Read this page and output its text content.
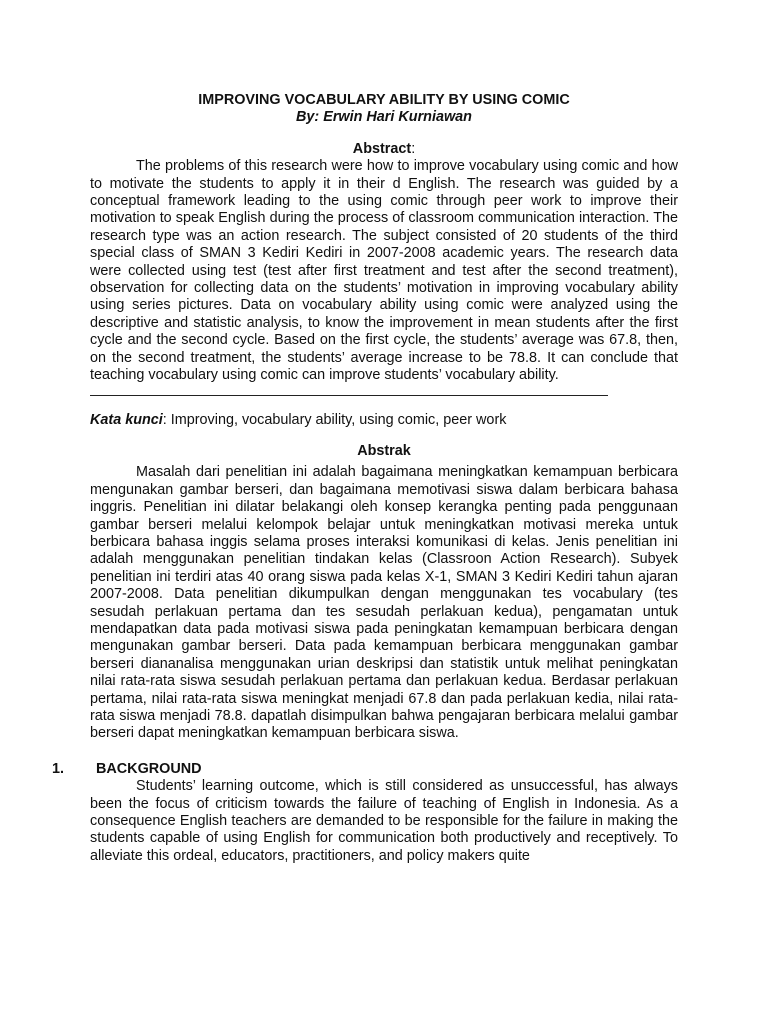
IMPROVING VOCABULARY ABILITY BY USING COMIC

By: Erwin Hari Kurniawan

Abstract:

The problems of this research were how to improve vocabulary using comic and how to motivate the students to apply it in their d English. The research was guided by a conceptual framework leading to the using comic through peer work to improve their motivation to speak English during the process of classroom communication interaction. The research type was an action research. The subject consisted of 20 students of the third special class of SMAN 3 Kediri Kediri in 2007-2008 academic years. The research data were collected using test (test after first treatment and test after the second treatment), observation for collecting data on the students’ motivation in improving vocabulary ability using series pictures. Data on vocabulary ability using comic were analyzed using the descriptive and statistic analysis, to know the improvement in mean students after the first cycle and the second cycle. Based on the first cycle, the students’ average was 67.8, then, on the second treatment, the students’ average increase to be 78.8. It can conclude that teaching vocabulary using comic can improve students’ vocabulary ability.

Kata kunci: Improving, vocabulary ability, using comic, peer work

Abstrak

Masalah dari penelitian ini adalah bagaimana meningkatkan kemampuan berbicara mengunakan gambar berseri, dan bagaimana memotivasi siswa dalam berbicara bahasa inggris. Penelitian ini dilatar belakangi oleh konsep kerangka penting pada penggunaan gambar berseri melalui kelompok belajar untuk meningkatkan motivasi mereka untuk berbicara bahasa inggis selama proses interaksi komunikasi di kelas. Jenis penelitian ini adalah menggunakan penelitian tindakan kelas (Classroon Action Research). Subyek penelitian ini terdiri atas 40 orang siswa pada kelas X-1, SMAN 3 Kediri Kediri tahun ajaran 2007-2008. Data penelitian dikumpulkan dengan menggunakan tes vocabulary (tes sesudah perlakuan pertama dan tes sesudah perlakuan kedua), pengamatan untuk mendapatkan data pada motivasi siswa pada peningkatan kemampuan berbicara dengan mengunakan gambar berseri. Data pada kemampuan berbicara menggunakan gambar berseri diananalisa menggunakan urian deskripsi dan statistik untuk melihat peningkatan nilai rata-rata siswa sesudah perlakuan pertama dan perlakuan kedua. Berdasar perlakuan pertama, nilai rata-rata siswa meningkat menjadi 67.8 dan pada perlakuan kedia, nilai rata-rata siswa menjadi 78.8. dapatlah disimpulkan bahwa pengajaran berbicara melalui gambar berseri dapat meningkatkan kemampuan berbicara siswa.

1. BACKGROUND

Students’ learning outcome, which is still considered as unsuccessful, has always been the focus of criticism towards the failure of teaching of English in Indonesia. As a consequence English teachers are demanded to be responsible for the failure in making the students capable of using English for communication both productively and receptively. To alleviate this ordeal, educators, practitioners, and policy makers quite
